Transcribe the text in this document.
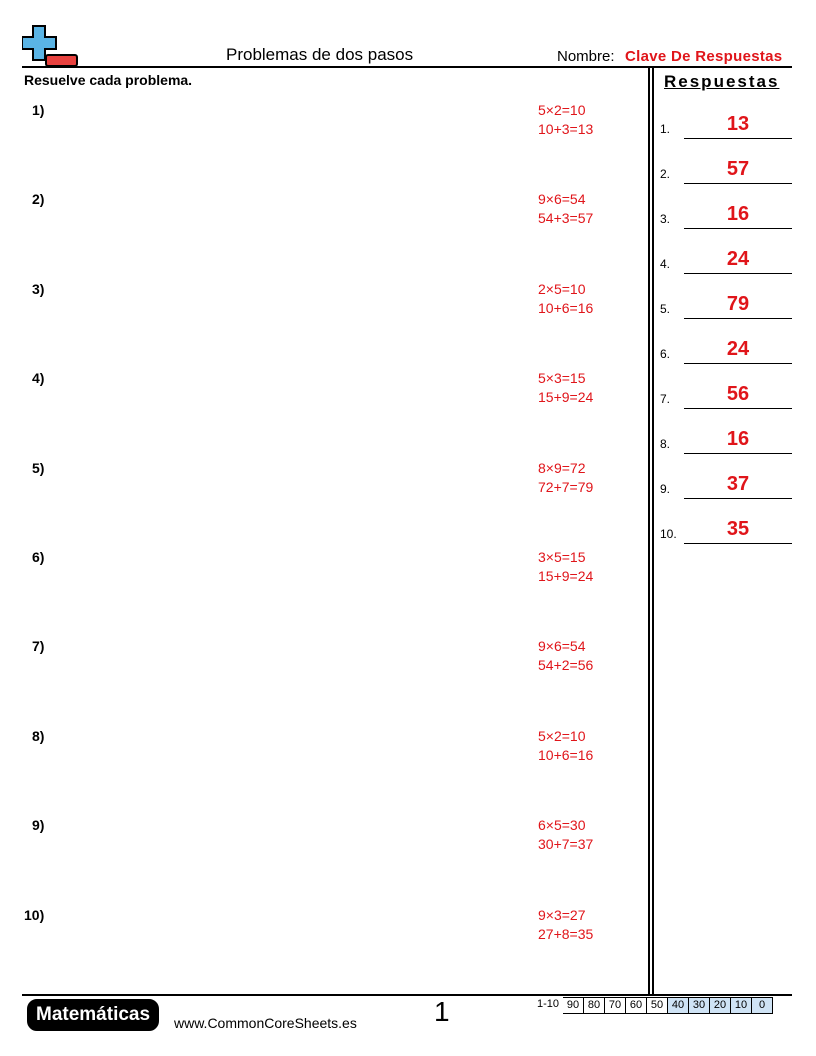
Problemas de dos pasos	Nombre: Clave De Respuestas
Resuelve cada problema.	Respuestas
1)	5×2=10
10+3=13
2)	9×6=54
54+3=57
3)	2×5=10
10+6=16
4)	5×3=15
15+9=24
5)	8×9=72
72+7=79
6)	3×5=15
15+9=24
7)	9×6=54
54+2=56
8)	5×2=10
10+6=16
9)	6×5=30
30+7=37
10)	9×3=27
27+8=35
1.	13
2.	57
3.	16
4.	24
5.	79
6.	24
7.	56
8.	16
9.	37
10.	35
Matemáticas	www.CommonCoreSheets.es	1	1-10 90 80 70 60 50 40 30 20 10	0
